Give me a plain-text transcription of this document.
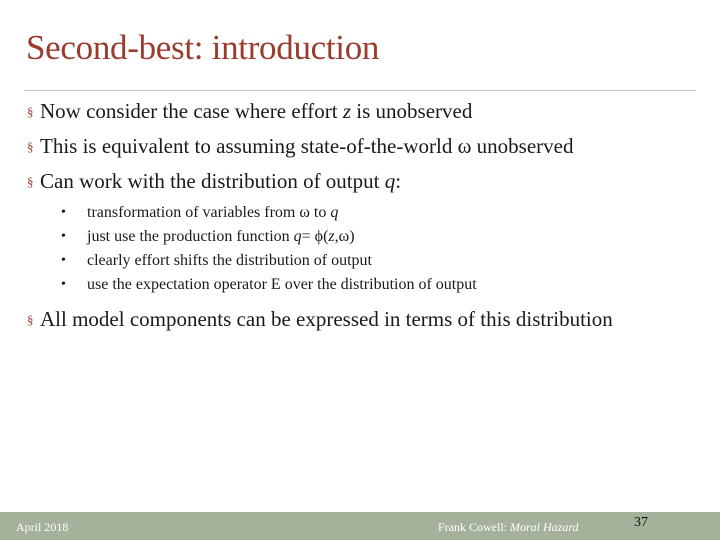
Second-best: introduction
§ Now consider the case where effort z is unobserved
§ This is equivalent to assuming state-of-the-world ω unobserved
§ Can work with the distribution of output q:
• transformation of variables from ω to q
• just use the production function q= ϕ(z,ω)
• clearly effort shifts the distribution of output
• use the expectation operator E over the distribution of output
§ All model components can be expressed in terms of this distribution
April 2018	Frank Cowell: Moral Hazard	37
